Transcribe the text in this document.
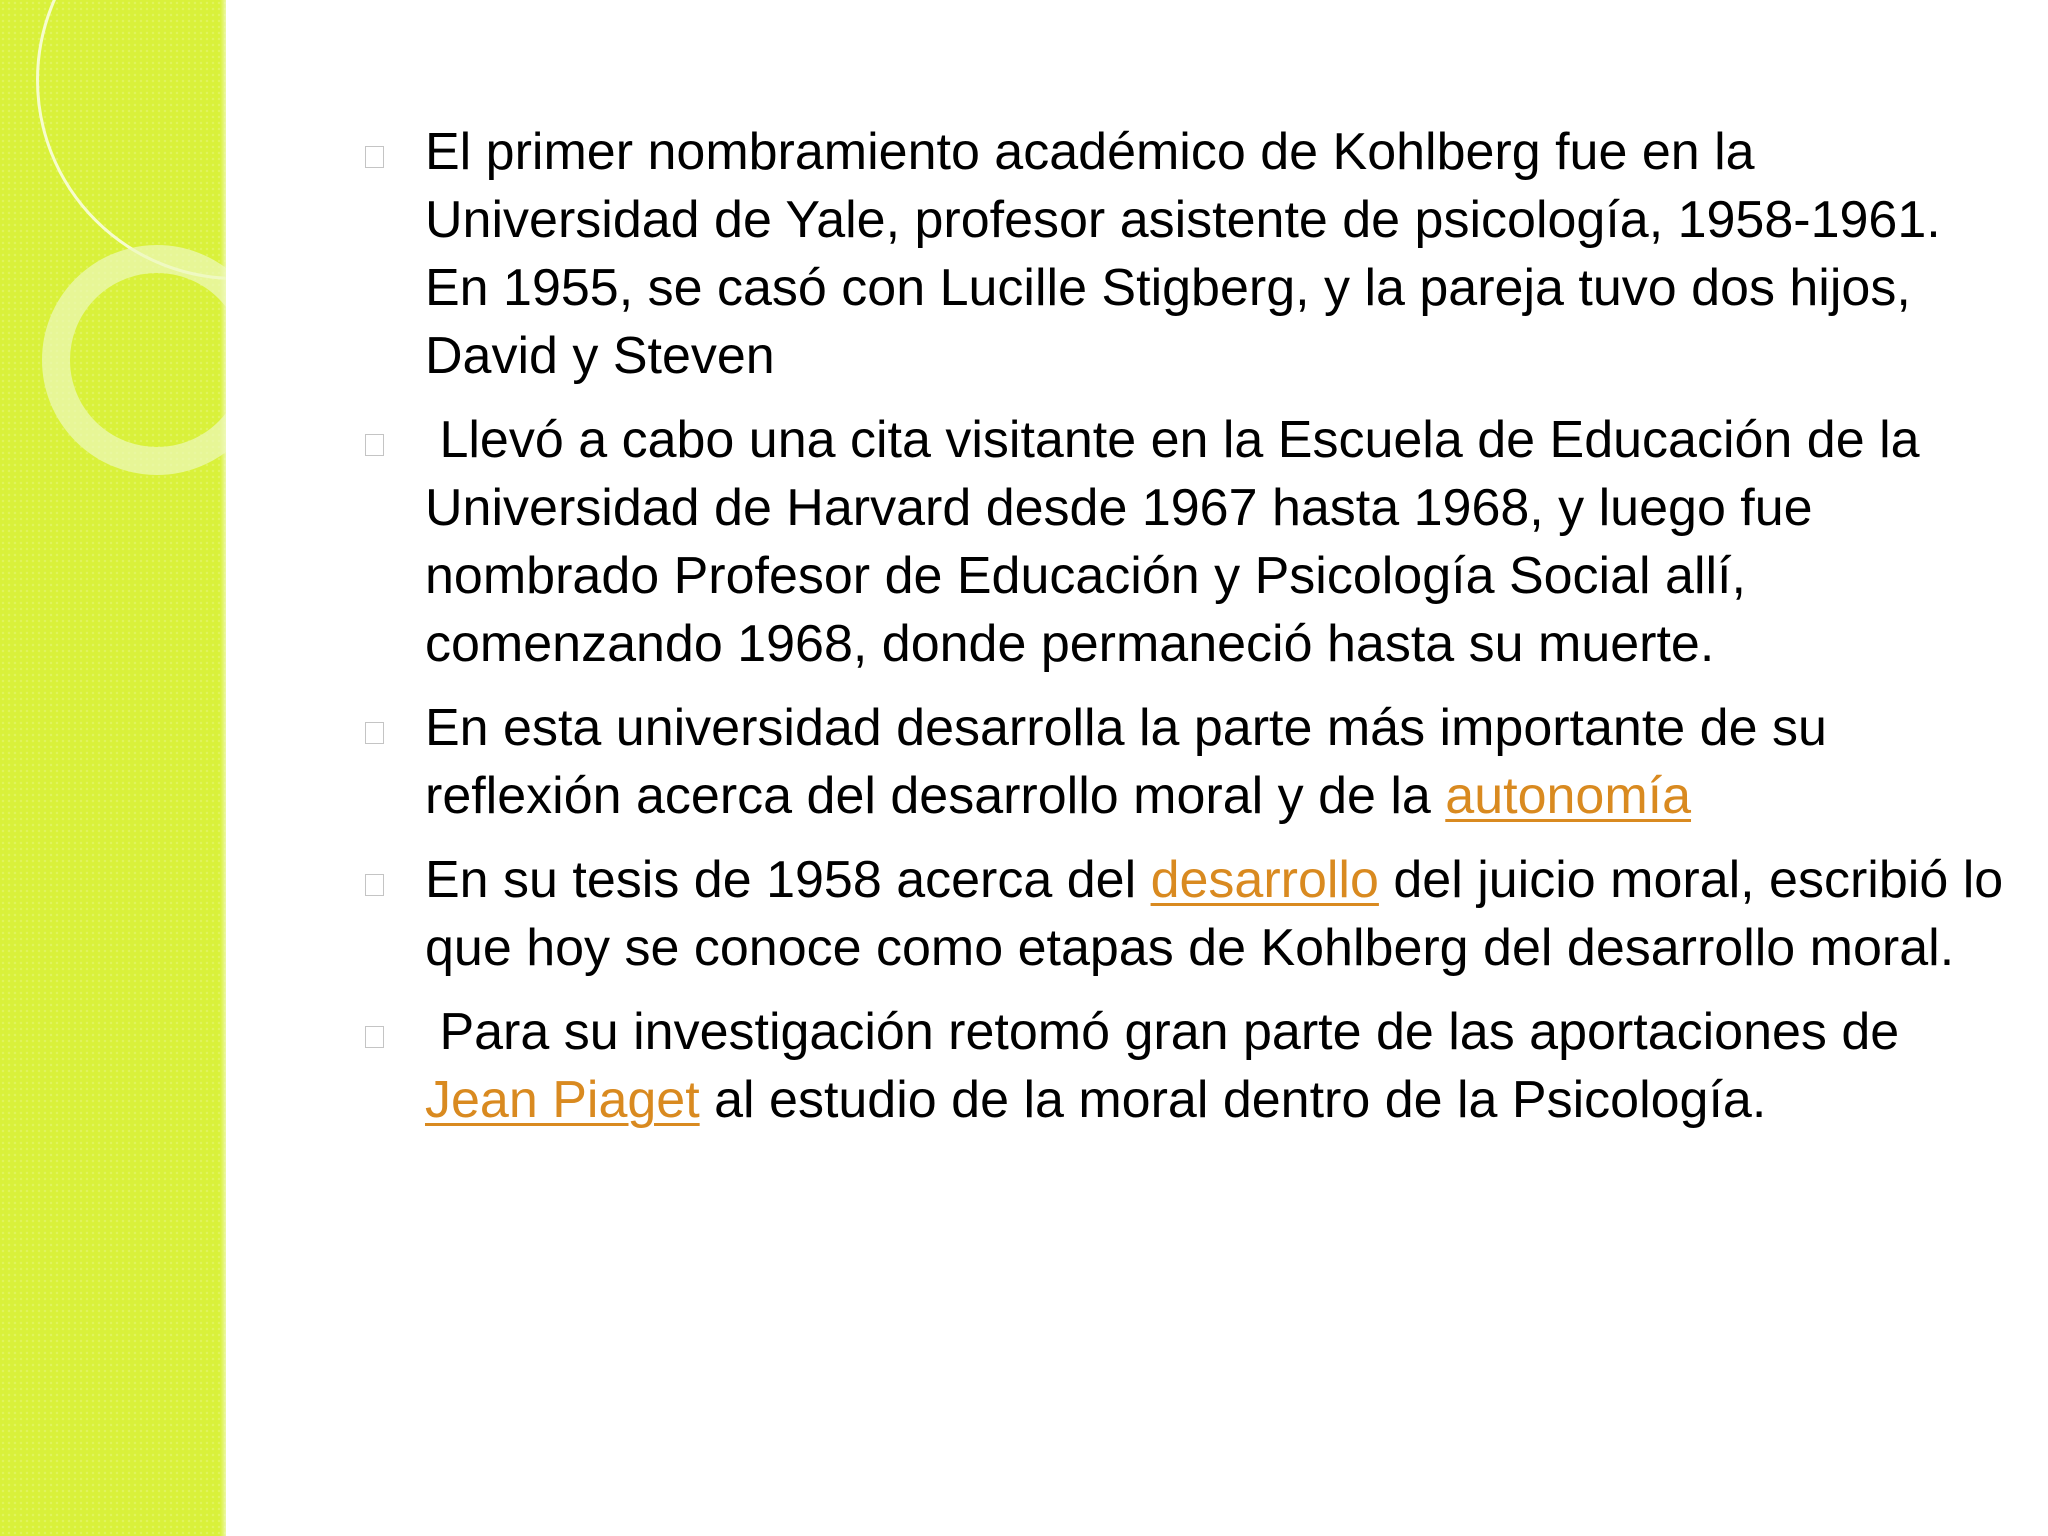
El primer nombramiento académico de Kohlberg fue en la Universidad de Yale, profesor asistente de psicología, 1958-1961. En 1955, se casó con Lucille Stigberg, y la pareja tuvo dos hijos, David y Steven
Llevó a cabo una cita visitante en la Escuela de Educación de la Universidad de Harvard desde 1967 hasta 1968, y luego fue nombrado Profesor de Educación y Psicología Social allí, comenzando 1968, donde permaneció hasta su muerte.
En esta universidad desarrolla la parte más importante de su reflexión acerca del desarrollo moral y de la autonomía
En su tesis de 1958 acerca del desarrollo del juicio moral, escribió lo que hoy se conoce como etapas de Kohlberg del desarrollo moral.
Para su investigación retomó gran parte de las aportaciones de Jean Piaget al estudio de la moral dentro de la Psicología.
